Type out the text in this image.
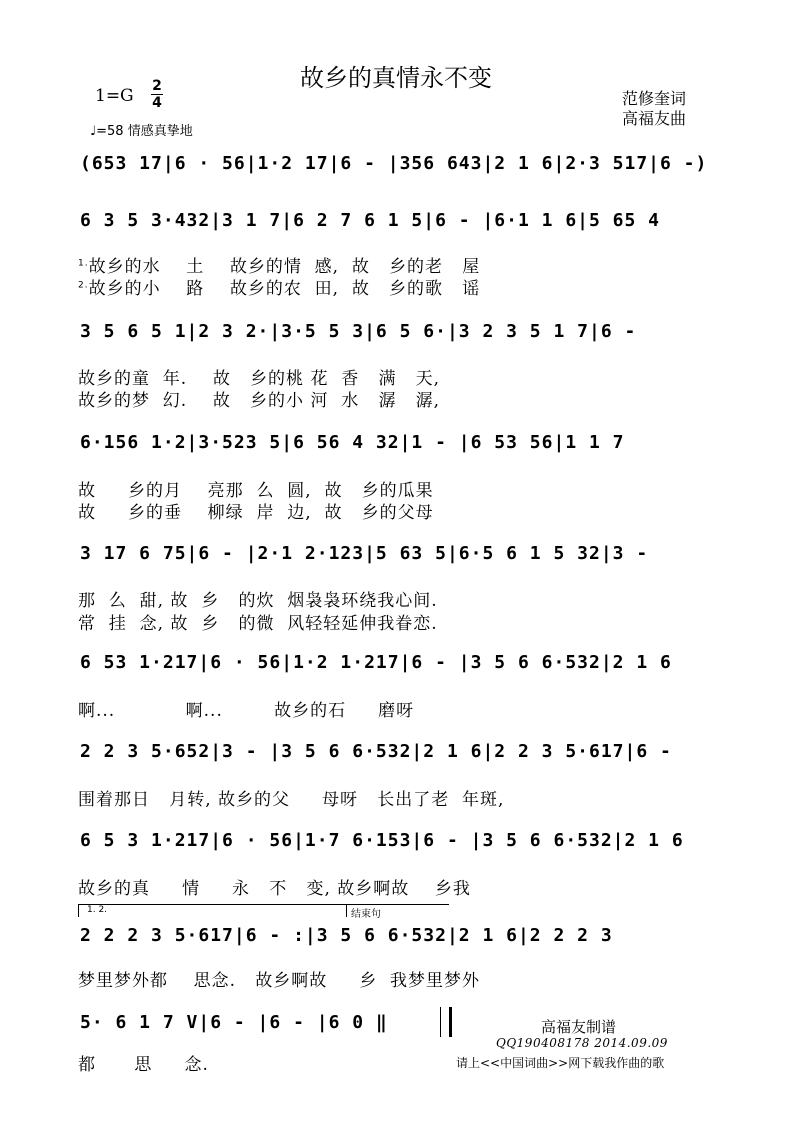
故乡的真情永不变
1=G 2
4
♩=58 情感真挚地
范修奎词
高福友曲
(653 17|6 · 56|1·2 17|6 - |356 643|2 1 6|2·3 517|6 -)
6 3 5 3·432|3 1 7|6 2 7 6 1 5|6 - |6·1 1 6|5 65 4
3 5 6 5 1|2 3 2·|3·5 5 3|6 5 6·|3 2 3 5 1 7|6 -
6·156 1·2|3·523 5|6 56 4 32|1 - |6 53 56|1 1 7
3 17 6 75|6 - |2·1 2·123|5 63 5|6·5 6 1 5 32|3 -
6 53 1·217|6 · 56|1·2 1·217|6 - |3 5 6 6·532|2 1 6
2 2 3 5·652|3 - |3 5 6 6·532|2 1 6|2 2 3 5·617|6 -
6 5 3 1·217|6 · 56|1·7 6·153|6 - |3 5 6 6·532|2 1 6
2 2 2 3 5·617|6 - :|3 5 6 6·532|2 1 6|2 2 2 3
5· 6 1 7 V|6 - |6 - |6 0 ‖
1. 2.	结束句
$^{1.}$故乡的水    土    故乡的情  感,  故   乡的老   屋
$^{2.}$故乡的小    路    故乡的农  田,  故   乡的歌   谣
故乡的童  年.    故   乡的桃 花  香   满   天,
故乡的梦  幻.    故   乡的小 河  水   潺   潺,
故     乡的月    亮那  么  圆,  故   乡的瓜果
故     乡的垂    柳绿  岸  边,  故   乡的父母
那  么  甜, 故  乡   的炊  烟袅袅环绕我心间.
常  挂  念, 故  乡   的微  风轻轻延伸我眷恋.
啊...           啊...        故乡的石     磨呀
围着那日   月转, 故乡的父     母呀   长出了老  年斑,
故乡的真     情     永   不   变, 故乡啊故    乡我
梦里梦外都    思念.   故乡啊故     乡  我梦里梦外
都      思     念.
高福友制谱
QQ190408178 2014.09.09
请上<<中国词曲>>网下载我作曲的歌
